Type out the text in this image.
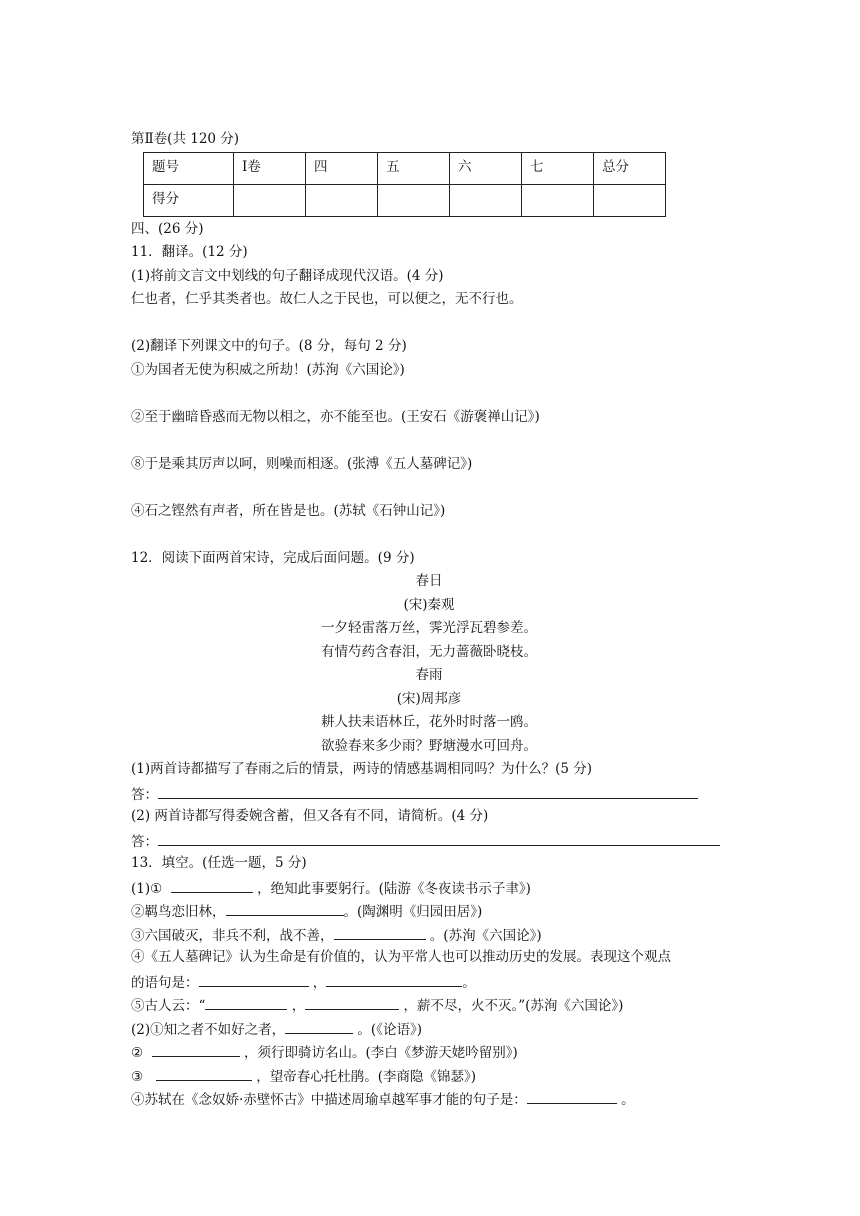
第Ⅱ卷(共 120 分)
题号	Ⅰ卷	四	五	六	七	总分
得分						
四、(26 分)
11．翻译。(12 分)
(1)将前文言文中划线的句子翻译成现代汉语。(4 分)
仁也者，仁乎其类者也。故仁人之于民也，可以便之，无不行也。
(2)翻译下列课文中的句子。(8 分，每句 2 分)
①为国者无使为积威之所劫！(苏洵《六国论》)
②至于幽暗昏惑而无物以相之，亦不能至也。(王安石《游褒禅山记》)
⑧于是乘其厉声以呵，则噪而相逐。(张溥《五人墓碑记》)
④石之铿然有声者，所在皆是也。(苏轼《石钟山记》)
12．阅读下面两首宋诗，完成后面问题。(9 分)
春日
(宋)秦观
一夕轻雷落万丝，霁光浮瓦碧参差。
有情芍药含春泪，无力蔷薇卧晓枝。
春雨
(宋)周邦彦
耕人扶耒语林丘，花外时时落一鸥。
欲验春来多少雨？野塘漫水可回舟。
(1)两首诗都描写了春雨之后的情景，两诗的情感基调相同吗？为什么？(5 分)
答：
(2) 两首诗都写得委婉含蓄，但又各有不同，请简析。(4 分)
答：
13．填空。(任选一题，5 分)
(1)①	，绝知此事要躬行。(陆游《冬夜读书示子聿》)
②羁鸟恋旧林，	。(陶渊明《归园田居》)
③六国破灭，非兵不利，战不善，	。(苏洵《六国论》)
④《五人墓碑记》认为生命是有价值的，认为平常人也可以推动历史的发展。表现这个观点
的语句是：	，	。
⑤古人云：“	，	，薪不尽，火不灭。”(苏洵《六国论》)
(2)①知之者不如好之者，	。(《论语》)
②	，须行即骑访名山。(李白《梦游天姥吟留别》)
③	，望帝春心托杜鹃。(李商隐《锦瑟》)
④苏轼在《念奴娇·赤壁怀古》中描述周瑜卓越军事才能的句子是：	。
